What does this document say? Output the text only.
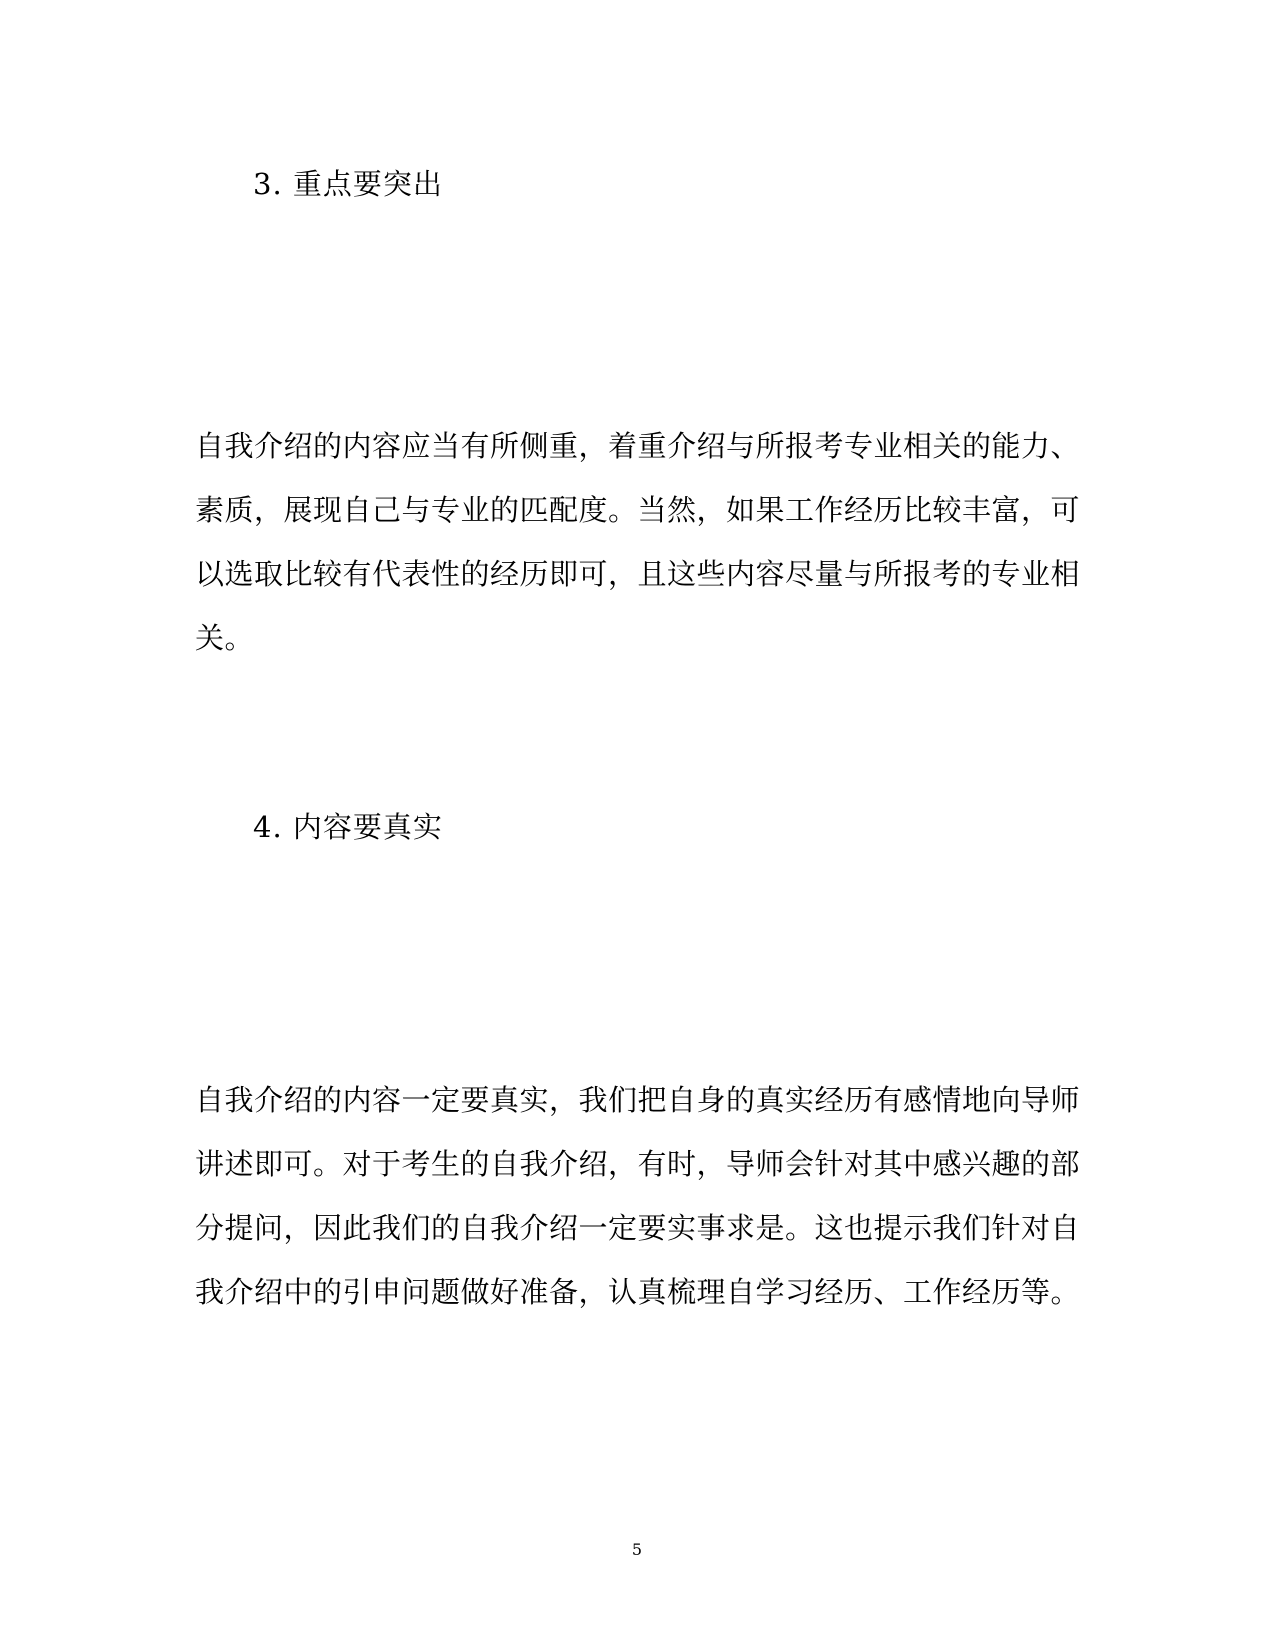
3. 重点要突出
自我介绍的内容应当有所侧重，着重介绍与所报考专业相关的能力、
素质，展现自己与专业的匹配度。当然，如果工作经历比较丰富，可
以选取比较有代表性的经历即可，且这些内容尽量与所报考的专业相
关。
4. 内容要真实
自我介绍的内容一定要真实，我们把自身的真实经历有感情地向导师
讲述即可。对于考生的自我介绍，有时，导师会针对其中感兴趣的部
分提问，因此我们的自我介绍一定要实事求是。这也提示我们针对自
我介绍中的引申问题做好准备，认真梳理自学习经历、工作经历等。
5
